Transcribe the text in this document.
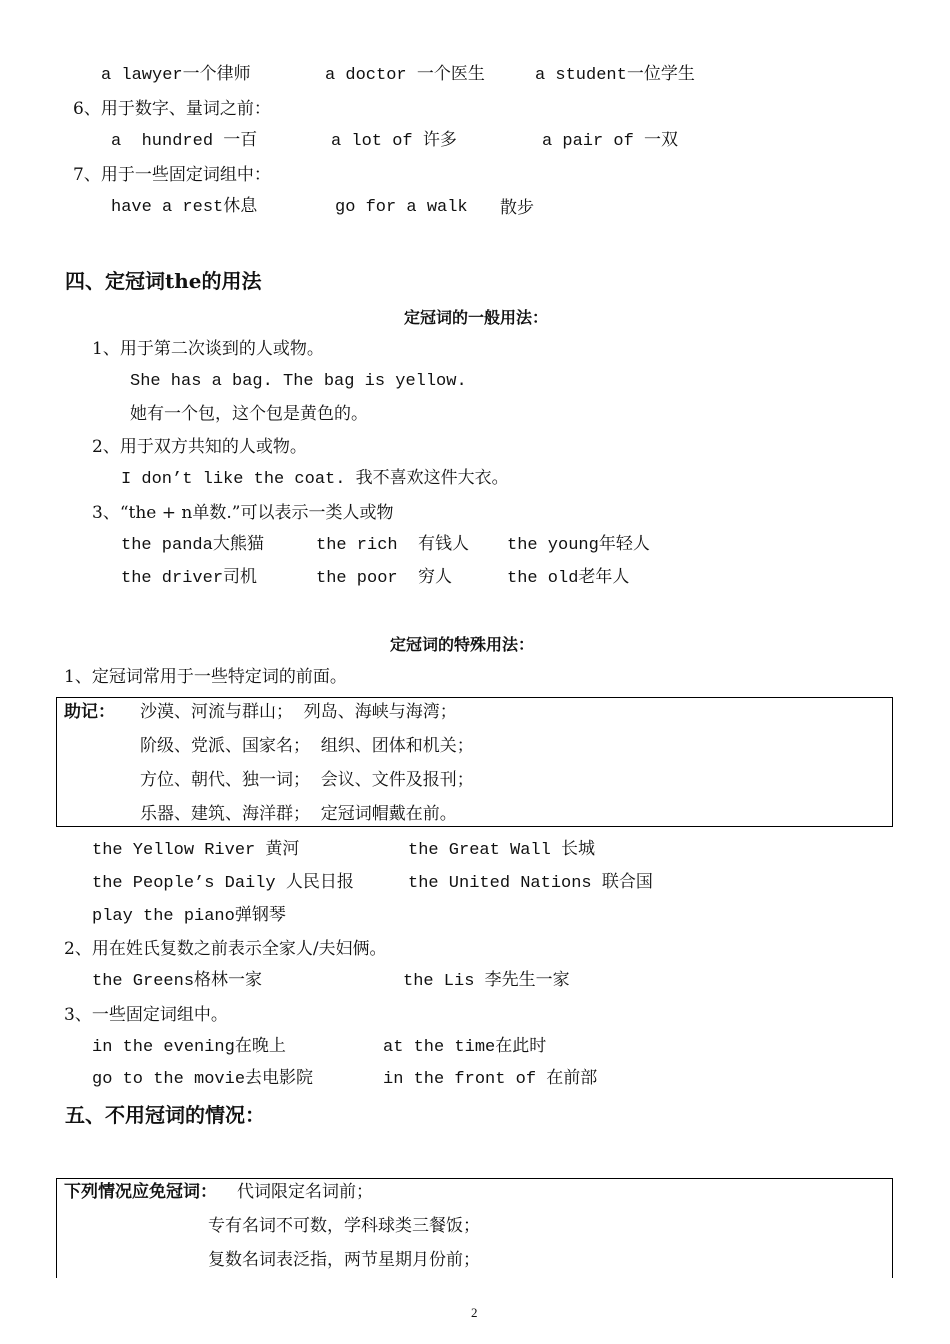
a lawyer一个律师	a doctor 一个医生	a student一位学生
6、用于数字、量词之前：
a  hundred 一百	a lot of 许多	a pair of 一双
7、用于一些固定词组中：
have a rest休息	go for a walk 散步
四、定冠词the的用法
定冠词的一般用法：
1、用于第二次谈到的人或物。
She has a bag. The bag is yellow.
她有一个包，这个包是黄色的。
2、用于双方共知的人或物。
I don’t like the coat. 我不喜欢这件大衣。
3、“the + n单数.”可以表示一类人或物
the panda大熊猫	the rich  有钱人 the young年轻人
the driver司机	the poor  穷人	the old老年人
定冠词的特殊用法：
1、定冠词常用于一些特定词的前面。
助记： 沙漠、河流与群山；  列岛、海峡与海湾；
阶级、党派、国家名；  组织、团体和机关；
方位、朝代、独一词；  会议、文件及报刊；
乐器、建筑、海洋群；  定冠词帽戴在前。
the Yellow River 黄河	the Great Wall 长城
the People’s Daily 人民日报	the United Nations 联合国
play the piano弹钢琴
2、用在姓氏复数之前表示全家人/夫妇俩。
the Greens格林一家	the Lis 李先生一家
3、一些固定词组中。
in the evening在晚上	at the time在此时
go to the movie去电影院	in the front of 在前部
五、不用冠词的情况：
下列情况应免冠词： 代词限定名词前；
专有名词不可数，学科球类三餐饭；
复数名词表泛指，两节星期月份前；
2
